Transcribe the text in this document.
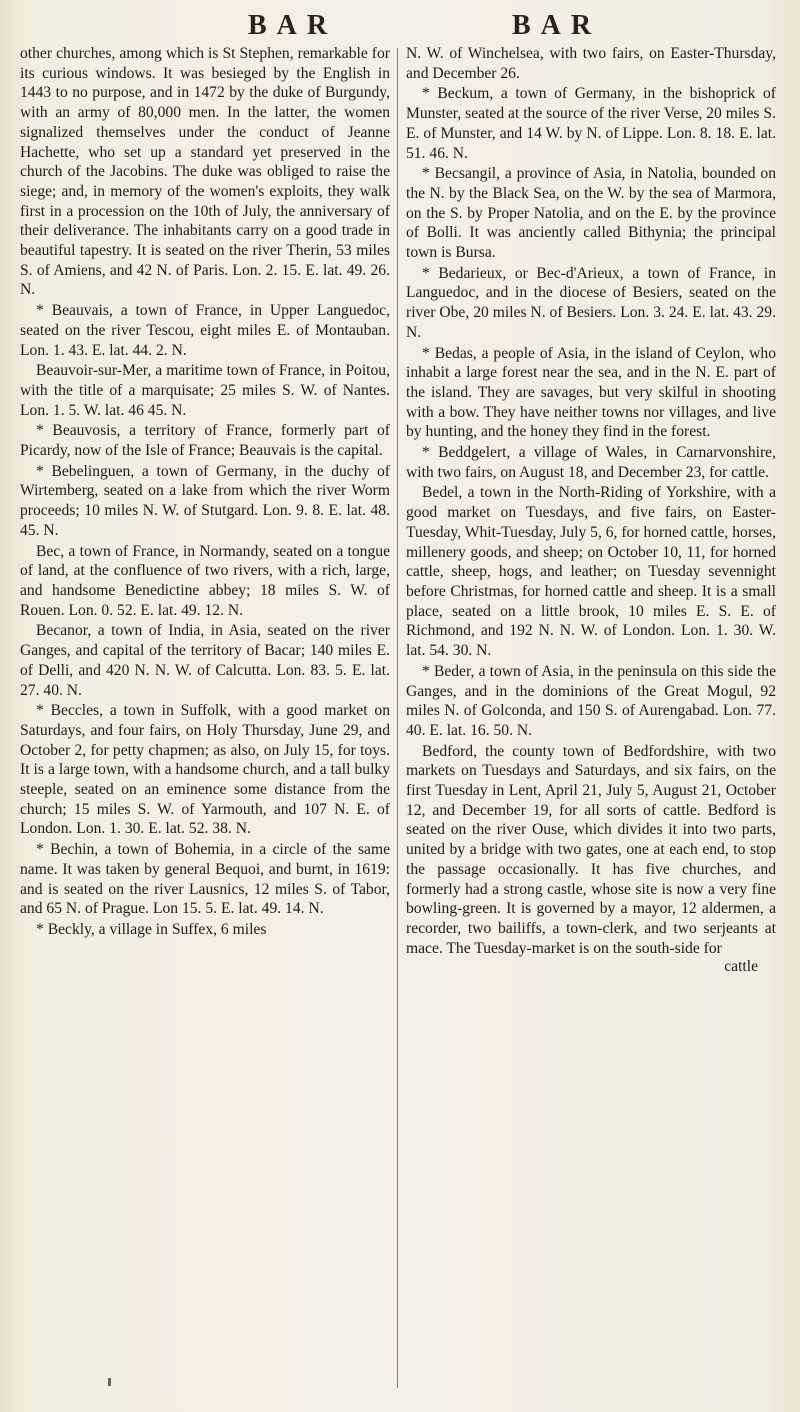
BAR	BAR

other churches, among which is St Stephen, remarkable for its curious windows. It was besieged by the English in 1443 to no purpose, and in 1472 by the duke of Burgundy, with an army of 80,000 men. In the latter, the women signalized themselves under the conduct of Jeanne Hachette, who set up a standard yet preserved in the church of the Jacobins. The duke was obliged to raise the siege; and, in memory of the women's exploits, they walk first in a procession on the 10th of July, the anniversary of their deliverance. The inhabitants carry on a good trade in beautiful tapestry. It is seated on the river Therin, 53 miles S. of Amiens, and 42 N. of Paris. Lon. 2. 15. E. lat. 49. 26. N.

* Beauvais, a town of France, in Upper Languedoc, seated on the river Tescou, eight miles E. of Montauban. Lon. 1. 43. E. lat. 44. 2. N.

Beauvoir-sur-Mer, a maritime town of France, in Poitou, with the title of a marquisate; 25 miles S. W. of Nantes. Lon. 1. 5. W. lat. 46 45. N.

* Beauvosis, a territory of France, formerly part of Picardy, now of the Isle of France; Beauvais is the capital.

* Bebelinguen, a town of Germany, in the duchy of Wirtemberg, seated on a lake from which the river Worm proceeds; 10 miles N. W. of Stutgard. Lon. 9. 8. E. lat. 48. 45. N.

Bec, a town of France, in Normandy, seated on a tongue of land, at the confluence of two rivers, with a rich, large, and handsome Benedictine abbey; 18 miles S. W. of Rouen. Lon. 0. 52. E. lat. 49. 12. N.

Becanor, a town of India, in Asia, seated on the river Ganges, and capital of the territory of Bacar; 140 miles E. of Delli, and 420 N. N. W. of Calcutta. Lon. 83. 5. E. lat. 27. 40. N.

* Beccles, a town in Suffolk, with a good market on Saturdays, and four fairs, on Holy Thursday, June 29, and October 2, for petty chapmen; as also, on July 15, for toys. It is a large town, with a handsome church, and a tall bulky steeple, seated on an eminence some distance from the church; 15 miles S. W. of Yarmouth, and 107 N. E. of London. Lon. 1. 30. E. lat. 52. 38. N.

* Bechin, a town of Bohemia, in a circle of the same name. It was taken by general Bequoi, and burnt, in 1619: and is seated on the river Lausnics, 12 miles S. of Tabor, and 65 N. of Prague. Lon 15. 5. E. lat. 49. 14. N.

* Beckly, a village in Suffex, 6 miles

N. W. of Winchelsea, with two fairs, on Easter-Thursday, and December 26.

* Beckum, a town of Germany, in the bishoprick of Munster, seated at the source of the river Verse, 20 miles S. E. of Munster, and 14 W. by N. of Lippe. Lon. 8. 18. E. lat. 51. 46. N.

* Becsangil, a province of Asia, in Natolia, bounded on the N. by the Black Sea, on the W. by the sea of Marmora, on the S. by Proper Natolia, and on the E. by the province of Bolli. It was anciently called Bithynia; the principal town is Bursa.

* Bedarieux, or Bec-d'Arieux, a town of France, in Languedoc, and in the diocese of Besiers, seated on the river Obe, 20 miles N. of Besiers. Lon. 3. 24. E. lat. 43. 29. N.

* Bedas, a people of Asia, in the island of Ceylon, who inhabit a large forest near the sea, and in the N. E. part of the island. They are savages, but very skilful in shooting with a bow. They have neither towns nor villages, and live by hunting, and the honey they find in the forest.

* Beddgelert, a village of Wales, in Carnarvonshire, with two fairs, on August 18, and December 23, for cattle.

Bedel, a town in the North-Riding of Yorkshire, with a good market on Tuesdays, and five fairs, on Easter-Tuesday, Whit-Tuesday, July 5, 6, for horned cattle, horses, millenery goods, and sheep; on October 10, 11, for horned cattle, sheep, hogs, and leather; on Tuesday sevennight before Christmas, for horned cattle and sheep. It is a small place, seated on a little brook, 10 miles E. S. E. of Richmond, and 192 N. N. W. of London. Lon. 1. 30. W. lat. 54. 30. N.

* Beder, a town of Asia, in the peninsula on this side the Ganges, and in the dominions of the Great Mogul, 92 miles N. of Golconda, and 150 S. of Aurengabad. Lon. 77. 40. E. lat. 16. 50. N.

Bedford, the county town of Bedfordshire, with two markets on Tuesdays and Saturdays, and six fairs, on the first Tuesday in Lent, April 21, July 5, August 21, October 12, and December 19, for all sorts of cattle. Bedford is seated on the river Ouse, which divides it into two parts, united by a bridge with two gates, one at each end, to stop the passage occasionally. It has five churches, and formerly had a strong castle, whose site is now a very fine bowling-green. It is governed by a mayor, 12 aldermen, a recorder, two bailiffs, a town-clerk, and two serjeants at mace. The Tuesday-market is on the south-side for

cattle
